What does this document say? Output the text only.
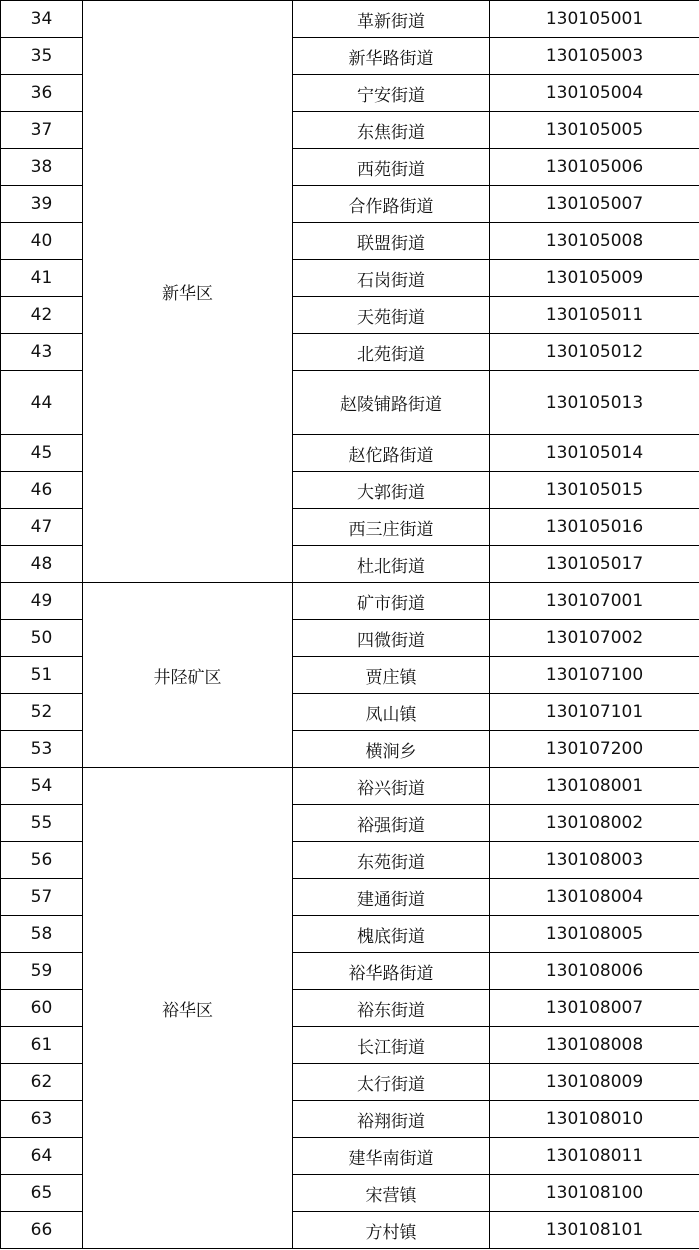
34	新华区	革新街道	130105001
35		新华路街道	130105003
36		宁安街道	130105004
37		东焦街道	130105005
38		西苑街道	130105006
39		合作路街道	130105007
40		联盟街道	130105008
41		石岗街道	130105009
42		天苑街道	130105011
43		北苑街道	130105012
44		赵陵铺路街道	130105013
45		赵佗路街道	130105014
46		大郭街道	130105015
47		西三庄街道	130105016
48		杜北街道	130105017
49	井陉矿区	矿市街道	130107001
50		四微街道	130107002
51		贾庄镇	130107100
52		凤山镇	130107101
53		横涧乡	130107200
54	裕华区	裕兴街道	130108001
55		裕强街道	130108002
56		东苑街道	130108003
57		建通街道	130108004
58		槐底街道	130108005
59		裕华路街道	130108006
60		裕东街道	130108007
61		长江街道	130108008
62		太行街道	130108009
63		裕翔街道	130108010
64		建华南街道	130108011
65		宋营镇	130108100
66		方村镇	130108101
